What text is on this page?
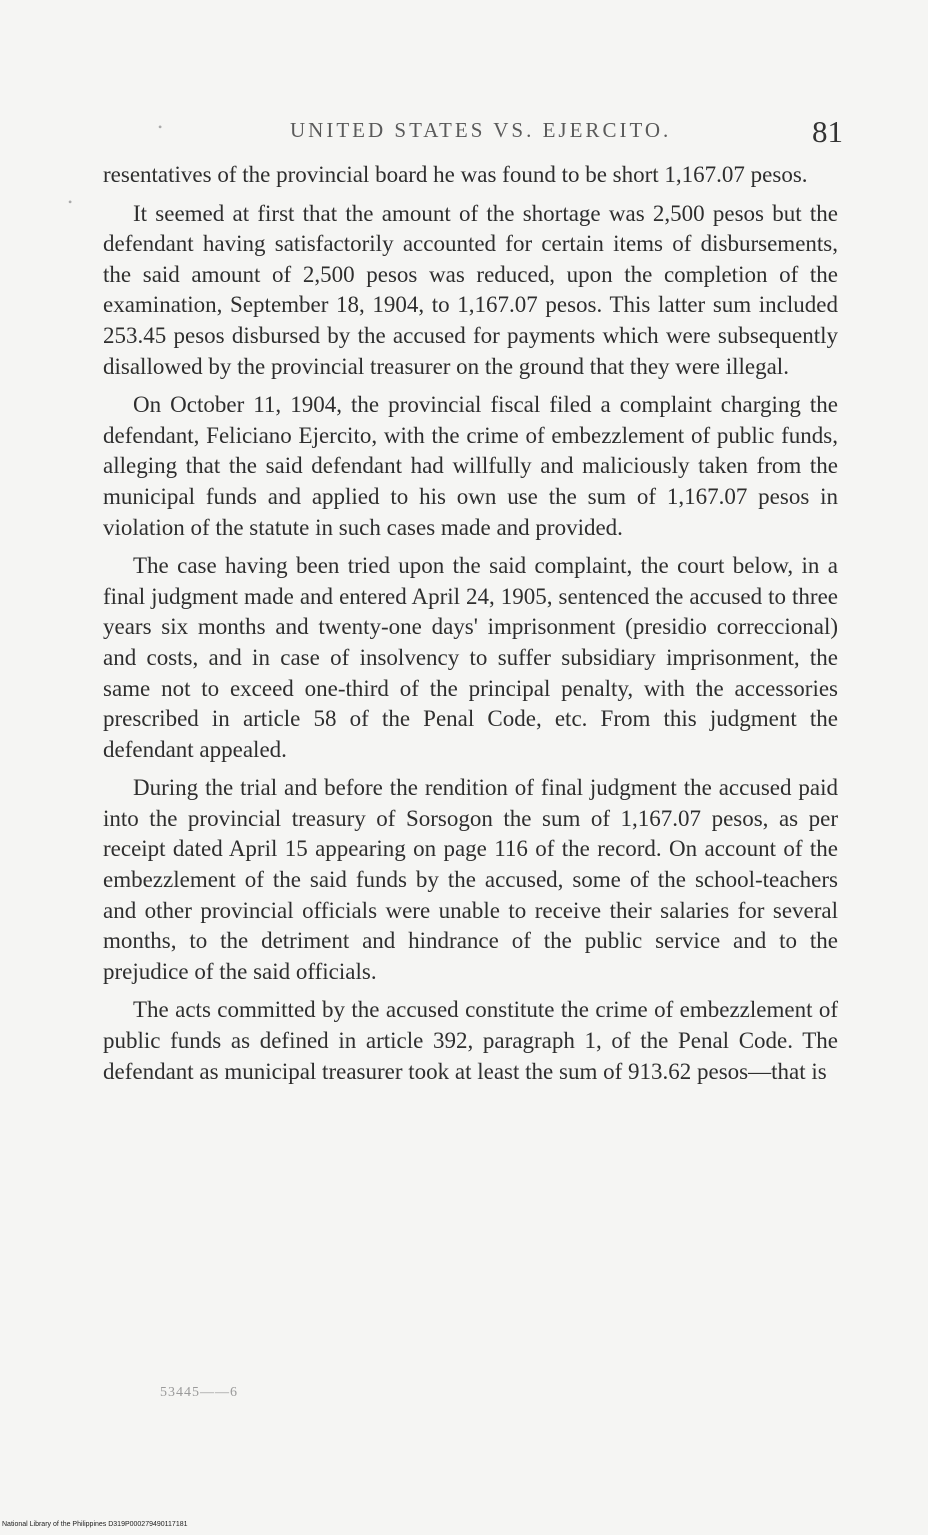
•
•
UNITED STATES VS. EJERCITO.	81

resentatives of the provincial board he was found to be short 1,167.07 pesos.

It seemed at first that the amount of the shortage was 2,500 pesos but the defendant having satisfactorily accounted for certain items of disbursements, the said amount of 2,500 pesos was reduced, upon the completion of the examination, September 18, 1904, to 1,167.07 pesos. This latter sum included 253.45 pesos disbursed by the accused for payments which were subsequently disallowed by the provincial treasurer on the ground that they were illegal.

On October 11, 1904, the provincial fiscal filed a complaint charging the defendant, Feliciano Ejercito, with the crime of embezzlement of public funds, alleging that the said defendant had willfully and maliciously taken from the municipal funds and applied to his own use the sum of 1,167.07 pesos in violation of the statute in such cases made and provided.

The case having been tried upon the said complaint, the court below, in a final judgment made and entered April 24, 1905, sentenced the accused to three years six months and twenty-one days' imprisonment (presidio correccional) and costs, and in case of insolvency to suffer subsidiary imprisonment, the same not to exceed one-third of the principal penalty, with the accessories prescribed in article 58 of the Penal Code, etc. From this judgment the defendant appealed.

During the trial and before the rendition of final judgment the accused paid into the provincial treasury of Sorsogon the sum of 1,167.07 pesos, as per receipt dated April 15 appearing on page 116 of the record. On account of the embezzlement of the said funds by the accused, some of the school-teachers and other provincial officials were unable to receive their salaries for several months, to the detriment and hindrance of the public service and to the prejudice of the said officials.

The acts committed by the accused constitute the crime of embezzlement of public funds as defined in article 392, paragraph 1, of the Penal Code. The defendant as municipal treasurer took at least the sum of 913.62 pesos—that is

53445——6
National Library of the Philippines D319P000279490117181
